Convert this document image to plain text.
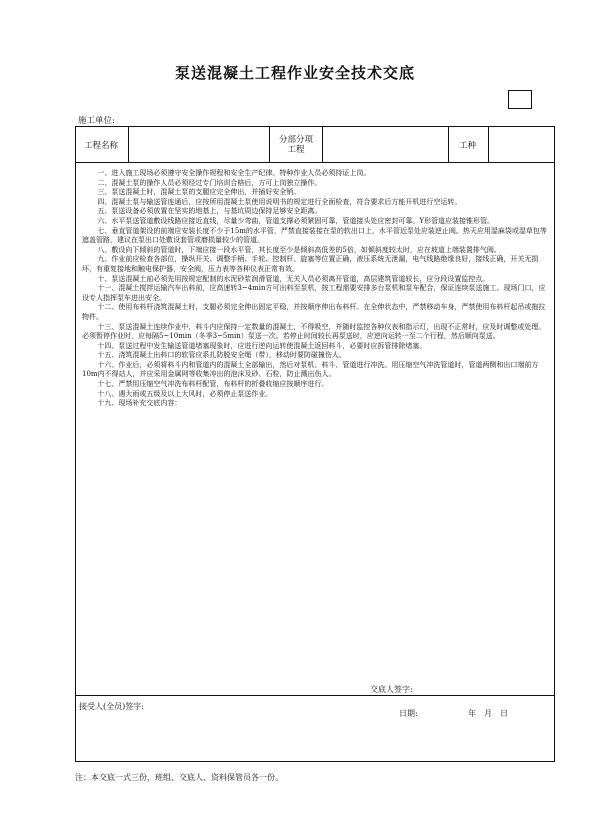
泵送混凝土工程作业安全技术交底
施工单位:
工程名称
分部分项
工程	工种

一、进入施工现场必须遵守安全操作规程和安全生产纪律。特种作业人员必须持证上岗。

二、混凝土泵的操作人员必须经过专门培训合格后，方可上岗独立操作。

三、泵送混凝土时，混凝土泵的支腿应完全伸出，并插好安全销。

四、混凝土泵与输送管连通后，应按所用混凝土泵使用说明书的规定进行全面检查，符合要求后方能开机进行空运转。

五、泵送设备必须放置在坚实的地基上，与基坑周边保持足够安全距离。

六、水平泵送管道敷设线路应接近直线，尽量少弯曲，管道支撑必须紧固可靠，管道接头处应密封可靠。Y形管道应装接锥形管。

七、垂直管道架设的前端应安装长度不少于15m的水平管，严禁直接装接在泵的软出口上，水平管近泵处应装逆止阀。热天应用湿麻袋或湿草包等遮盖管路，建议在泵出口处敷设套管或磨损量较少的管道。

八、敷设向下倾斜的管道时，下端应接一段水平管，其长度至少是倾斜高低差的5倍，如倾斜度较太时，应在坡道上端装置排气阀。

九、作业前应检查各部位，操纵开关、调整手柄、手轮、控制杆、旋塞等位置正确，液压系统无泄漏，电气线路绝缘良好，接线正确，开关无损坏，有重复接地和触电保护器，安全阀，压力表等各种仪表正常有效。

十、泵送混凝土前必须先用按规定配制的水泥砂浆润滑管道，无关人员必须离开管道，高层建筑管道较长，应分段设置监控点。

十一、混凝土搅拌运输汽车出料前，应高速转3~4min方可出料至泵机，按工程需要安排多台泵机和泵车配合，保证连续泵送施工。现场门口，应设专人指挥泵车进出安全。

十二、使用布料杆浇筑混凝土时，支腿必须完全伸出固定平稳，并按顺序伸出布料杆。在全伸状态中，严禁移动车身，严禁使用布料杆起吊或拖拉物件。

十三、泵送混凝土连续作业中，料斗内应保持一定数量的混凝土，不得吸空，并随时监控各种仪表和指示灯，出现不正常时，应及时调整或处理。必须暂停作业时，应每隔5~10min（冬季3~5min）泵送一次。若停止时间较长再泵送时，应逆向运转一至二个行程，然后顺向泵送。

十四、泵送过程中发生输送管道堵塞现象时，应进行逆向运转使混凝土返回料斗，必要时应拆管排除堵塞。

十五、浇筑混凝土出料口的软管应系扎防脱安全绳（带），移动时要防碰撞伤人。

十六、作业后，必须将料斗内和管道内的混凝土全部输出，然后对泵机、料斗、管道进行冲洗。用压缩空气冲洗管道时，管道两侧和出口端前方10m内不得站人，并应采用金属网等收集冲出的泡沫及砂、石粒，防止溅出伤人。

十七、严禁用压缩空气冲洗布料杆配管，布料杆的折叠收缩应按顺序进行。

十八、遇大雨或五级及以上大风时，必须停止泵送作业。

十九、现场补充交底内容：

交底人签字:
日期:	年　月　日
接受人(全员)签字:
注：本交底一式三份，班组、交底人、资料保管员各一份。
